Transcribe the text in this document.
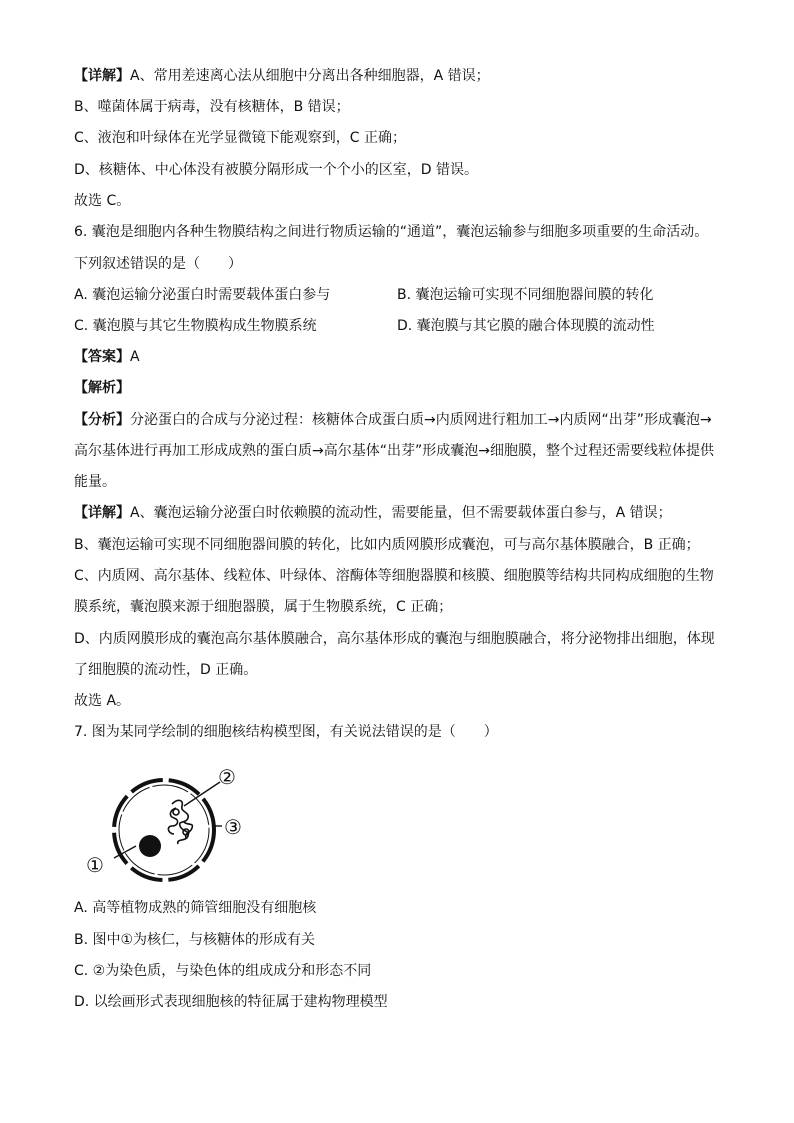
【详解】A、常用差速离心法从细胞中分离出各种细胞器，A 错误；
B、噬菌体属于病毒，没有核糖体，B 错误；
C、液泡和叶绿体在光学显微镜下能观察到，C 正确；
D、核糖体、中心体没有被膜分隔形成一个个小的区室，D 错误。
故选 C。
6. 囊泡是细胞内各种生物膜结构之间进行物质运输的“通道”，囊泡运输参与细胞多项重要的生命活动。
下列叙述错误的是（　　）
A. 囊泡运输分泌蛋白时需要载体蛋白参与	B. 囊泡运输可实现不同细胞器间膜的转化
C. 囊泡膜与其它生物膜构成生物膜系统	D. 囊泡膜与其它膜的融合体现膜的流动性
【答案】A
【解析】
【分析】分泌蛋白的合成与分泌过程：核糖体合成蛋白质→内质网进行粗加工→内质网“出芽”形成囊泡→
高尔基体进行再加工形成成熟的蛋白质→高尔基体“出芽”形成囊泡→细胞膜，整个过程还需要线粒体提供
能量。
【详解】A、囊泡运输分泌蛋白时依赖膜的流动性，需要能量，但不需要载体蛋白参与，A 错误；
B、囊泡运输可实现不同细胞器间膜的转化，比如内质网膜形成囊泡，可与高尔基体膜融合，B 正确；
C、内质网、高尔基体、线粒体、叶绿体、溶酶体等细胞器膜和核膜、细胞膜等结构共同构成细胞的生物
膜系统，囊泡膜来源于细胞器膜，属于生物膜系统，C 正确；
D、内质网膜形成的囊泡高尔基体膜融合，高尔基体形成的囊泡与细胞膜融合，将分泌物排出细胞，体现
了细胞膜的流动性，D 正确。
故选 A。
7. 图为某同学绘制的细胞核结构模型图，有关说法错误的是（　　）
①
②
③
A. 高等植物成熟的筛管细胞没有细胞核
B. 图中①为核仁，与核糖体的形成有关
C. ②为染色质，与染色体的组成成分和形态不同
D. 以绘画形式表现细胞核的特征属于建构物理模型
